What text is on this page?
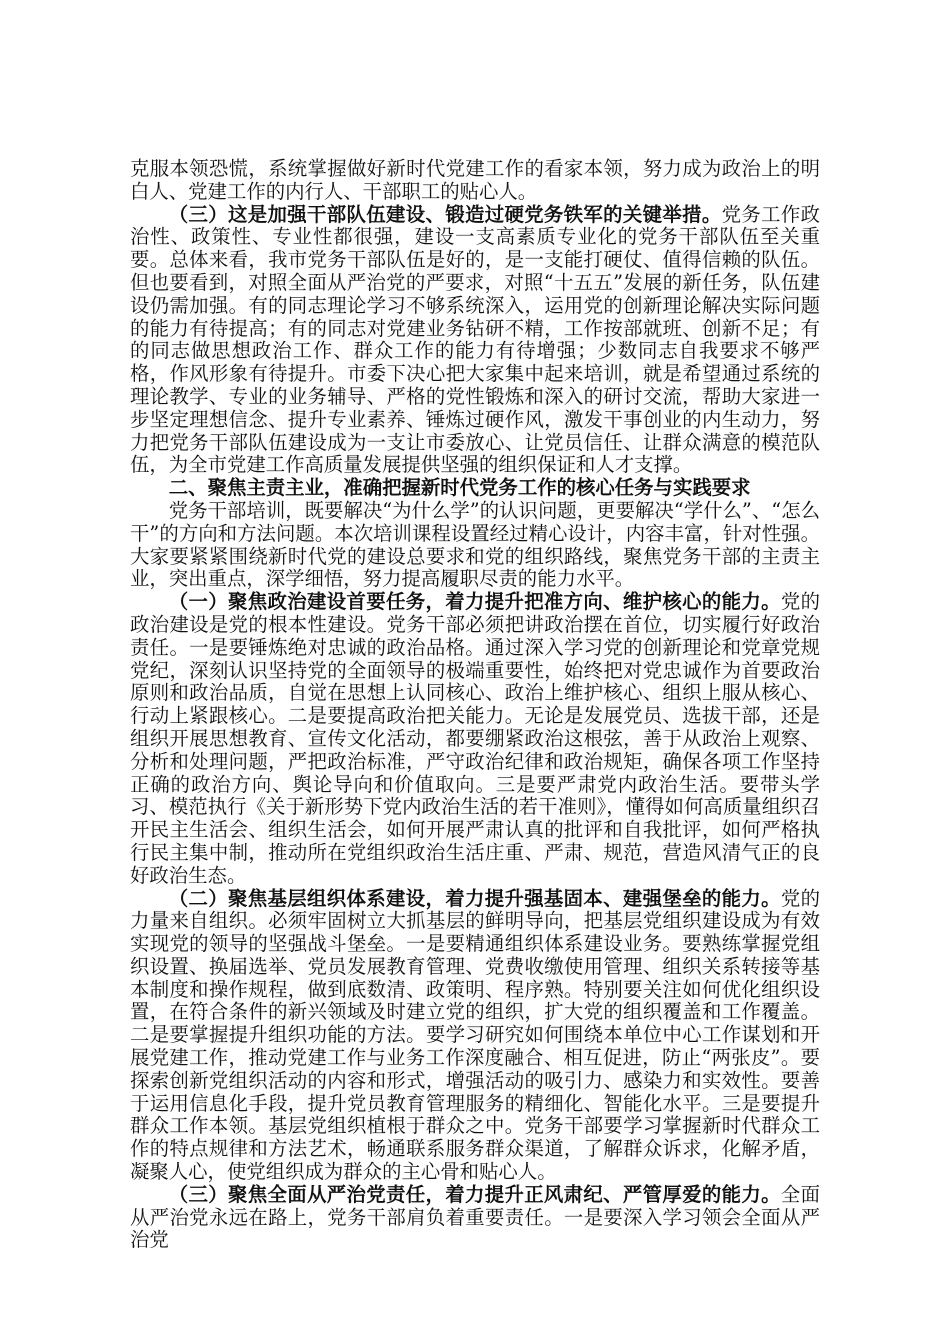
克服本领恐慌，系统掌握做好新时代党建工作的看家本领，努力成为政治上的明白人、党建工作的内行人、干部职工的贴心人。

（三）这是加强干部队伍建设、锻造过硬党务铁军的关键举措。党务工作政治性、政策性、专业性都很强，建设一支高素质专业化的党务干部队伍至关重要。总体来看，我市党务干部队伍是好的，是一支能打硬仗、值得信赖的队伍。但也要看到，对照全面从严治党的严要求，对照“十五五”发展的新任务，队伍建设仍需加强。有的同志理论学习不够系统深入，运用党的创新理论解决实际问题的能力有待提高；有的同志对党建业务钻研不精，工作按部就班、创新不足；有的同志做思想政治工作、群众工作的能力有待增强；少数同志自我要求不够严格，作风形象有待提升。市委下决心把大家集中起来培训，就是希望通过系统的理论教学、专业的业务辅导、严格的党性锻炼和深入的研讨交流，帮助大家进一步坚定理想信念、提升专业素养、锤炼过硬作风，激发干事创业的内生动力，努力把党务干部队伍建设成为一支让市委放心、让党员信任、让群众满意的模范队伍，为全市党建工作高质量发展提供坚强的组织保证和人才支撑。

二、聚焦主责主业，准确把握新时代党务工作的核心任务与实践要求

党务干部培训，既要解决“为什么学”的认识问题，更要解决“学什么”、“怎么干”的方向和方法问题。本次培训课程设置经过精心设计，内容丰富，针对性强。大家要紧紧围绕新时代党的建设总要求和党的组织路线，聚焦党务干部的主责主业，突出重点，深学细悟，努力提高履职尽责的能力水平。

（一）聚焦政治建设首要任务，着力提升把准方向、维护核心的能力。党的政治建设是党的根本性建设。党务干部必须把讲政治摆在首位，切实履行好政治责任。一是要锤炼绝对忠诚的政治品格。通过深入学习党的创新理论和党章党规党纪，深刻认识坚持党的全面领导的极端重要性，始终把对党忠诚作为首要政治原则和政治品质，自觉在思想上认同核心、政治上维护核心、组织上服从核心、行动上紧跟核心。二是要提高政治把关能力。无论是发展党员、选拔干部，还是组织开展思想教育、宣传文化活动，都要绷紧政治这根弦，善于从政治上观察、分析和处理问题，严把政治标准，严守政治纪律和政治规矩，确保各项工作坚持正确的政治方向、舆论导向和价值取向。三是要严肃党内政治生活。要带头学习、模范执行《关于新形势下党内政治生活的若干准则》，懂得如何高质量组织召开民主生活会、组织生活会，如何开展严肃认真的批评和自我批评，如何严格执行民主集中制，推动所在党组织政治生活庄重、严肃、规范，营造风清气正的良好政治生态。

（二）聚焦基层组织体系建设，着力提升强基固本、建强堡垒的能力。党的力量来自组织。必须牢固树立大抓基层的鲜明导向，把基层党组织建设成为有效实现党的领导的坚强战斗堡垒。一是要精通组织体系建设业务。要熟练掌握党组织设置、换届选举、党员发展教育管理、党费收缴使用管理、组织关系转接等基本制度和操作规程，做到底数清、政策明、程序熟。特别要关注如何优化组织设置，在符合条件的新兴领域及时建立党的组织，扩大党的组织覆盖和工作覆盖。二是要掌握提升组织功能的方法。要学习研究如何围绕本单位中心工作谋划和开展党建工作，推动党建工作与业务工作深度融合、相互促进，防止“两张皮”。要探索创新党组织活动的内容和形式，增强活动的吸引力、感染力和实效性。要善于运用信息化手段，提升党员教育管理服务的精细化、智能化水平。三是要提升群众工作本领。基层党组织植根于群众之中。党务干部要学习掌握新时代群众工作的特点规律和方法艺术，畅通联系服务群众渠道，了解群众诉求，化解矛盾，凝聚人心，使党组织成为群众的主心骨和贴心人。

（三）聚焦全面从严治党责任，着力提升正风肃纪、严管厚爱的能力。全面从严治党永远在路上，党务干部肩负着重要责任。一是要深入学习领会全面从严治党
